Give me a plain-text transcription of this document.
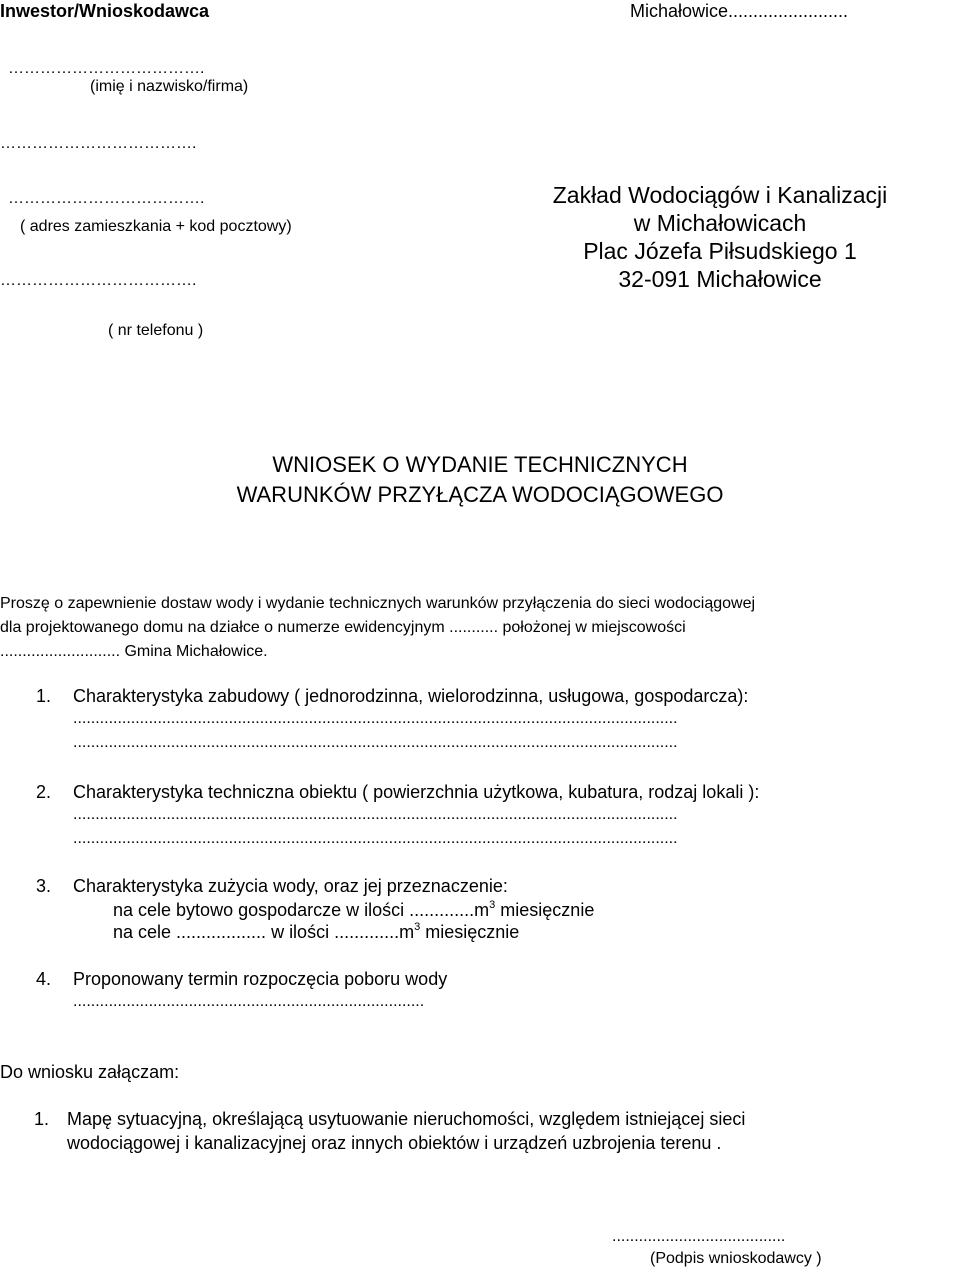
Inwestor/Wnioskodawca	Michałowice........................
……………………………….
(imię i nazwisko/firma)
……………………………….
……………………………….
( adres zamieszkania + kod pocztowy)
……………………………….
( nr telefonu )
Zakład Wodociągów i Kanalizacji
w Michałowicach
Plac Józefa Piłsudskiego 1
32-091 Michałowice
WNIOSEK O WYDANIE TECHNICZNYCH
WARUNKÓW PRZYŁĄCZA WODOCIĄGOWEGO
Proszę o zapewnienie dostaw wody i wydanie technicznych warunków przyłączenia do sieci wodociągowej
dla projektowanego domu na działce o numerze ewidencyjnym ........... położonej w miejscowości
........................... Gmina Michałowice.
1. Charakterystyka zabudowy ( jednorodzinna, wielorodzinna, usługowa, gospodarcza):
........................................................................................................................................
........................................................................................................................................
2. Charakterystyka techniczna obiektu ( powierzchnia użytkowa, kubatura, rodzaj lokali ):
........................................................................................................................................
........................................................................................................................................
3. Charakterystyka zużycia wody, oraz jej przeznaczenie:
na cele bytowo gospodarcze w ilości $.............m^3$ miesięcznie
na cele .................. w ilości $.............m^3$ miesięcznie
4. Proponowany termin rozpoczęcia poboru wody
...............................................................................
Do wniosku załączam:
1. Mapę sytuacyjną, określającą usytuowanie nieruchomości, względem istniejącej sieci
wodociągowej i kanalizacyjnej oraz innych obiektów i urządzeń uzbrojenia terenu .
.......................................
(Podpis wnioskodawcy )
